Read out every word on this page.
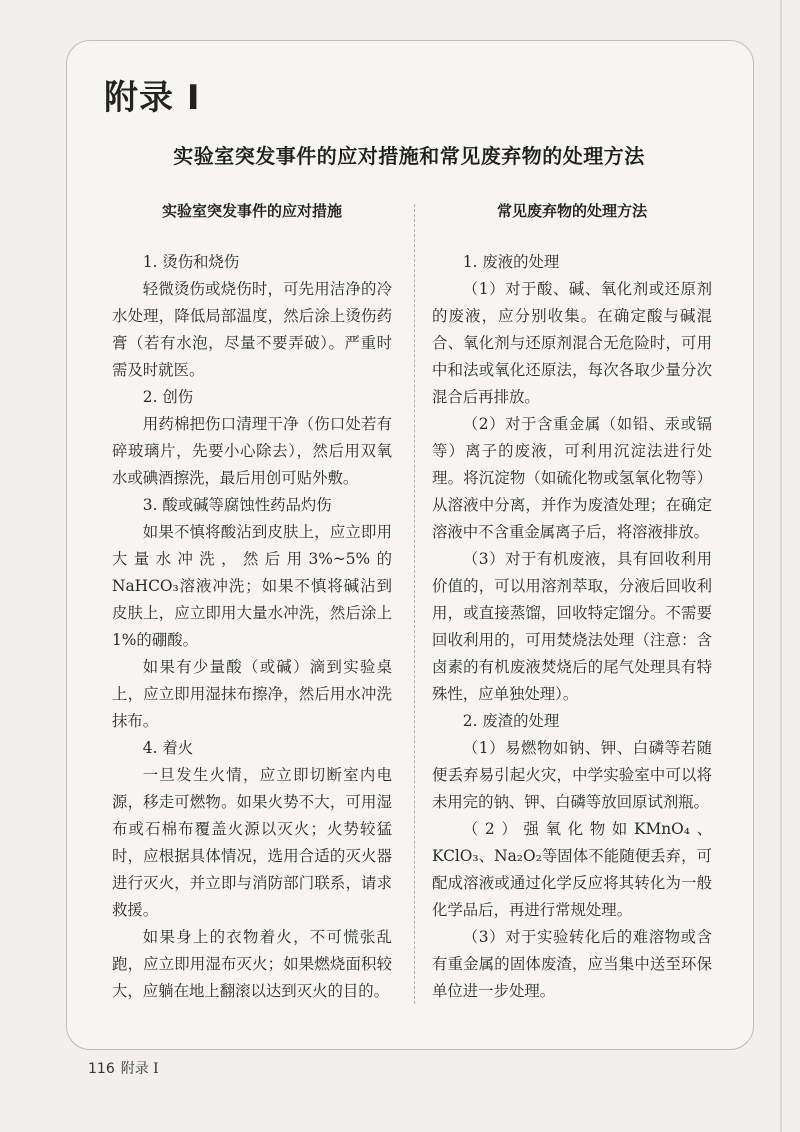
附录 I
实验室突发事件的应对措施和常见废弃物的处理方法
实验室突发事件的应对措施

1. 烫伤和烧伤

轻微烫伤或烧伤时，可先用洁净的冷水处理，降低局部温度，然后涂上烫伤药膏（若有水泡，尽量不要弄破）。严重时需及时就医。

2. 创伤

用药棉把伤口清理干净（伤口处若有碎玻璃片，先要小心除去），然后用双氧水或碘酒擦洗，最后用创可贴外敷。

3. 酸或碱等腐蚀性药品灼伤

如果不慎将酸沾到皮肤上，应立即用大量水冲洗，然后用3%~5%的NaHCO₃溶液冲洗；如果不慎将碱沾到皮肤上，应立即用大量水冲洗，然后涂上1%的硼酸。

如果有少量酸（或碱）滴到实验桌上，应立即用湿抹布擦净，然后用水冲洗抹布。

4. 着火

一旦发生火情，应立即切断室内电源，移走可燃物。如果火势不大，可用湿布或石棉布覆盖火源以灭火；火势较猛时，应根据具体情况，选用合适的灭火器进行灭火，并立即与消防部门联系，请求救援。

如果身上的衣物着火，不可慌张乱跑，应立即用湿布灭火；如果燃烧面积较大，应躺在地上翻滚以达到灭火的目的。

常见废弃物的处理方法

1. 废液的处理

（1）对于酸、碱、氧化剂或还原剂的废液，应分别收集。在确定酸与碱混合、氧化剂与还原剂混合无危险时，可用中和法或氧化还原法，每次各取少量分次混合后再排放。

（2）对于含重金属（如铅、汞或镉等）离子的废液，可利用沉淀法进行处理。将沉淀物（如硫化物或氢氧化物等）从溶液中分离，并作为废渣处理；在确定溶液中不含重金属离子后，将溶液排放。

（3）对于有机废液，具有回收利用价值的，可以用溶剂萃取，分液后回收利用，或直接蒸馏，回收特定馏分。不需要回收利用的，可用焚烧法处理（注意：含卤素的有机废液焚烧后的尾气处理具有特殊性，应单独处理）。

2. 废渣的处理

（1）易燃物如钠、钾、白磷等若随便丢弃易引起火灾，中学实验室中可以将未用完的钠、钾、白磷等放回原试剂瓶。

（2）强氧化物如KMnO₄、KClO₃、Na₂O₂等固体不能随便丢弃，可配成溶液或通过化学反应将其转化为一般化学品后，再进行常规处理。

（3）对于实验转化后的难溶物或含有重金属的固体废渣，应当集中送至环保单位进一步处理。

116 附录 I
